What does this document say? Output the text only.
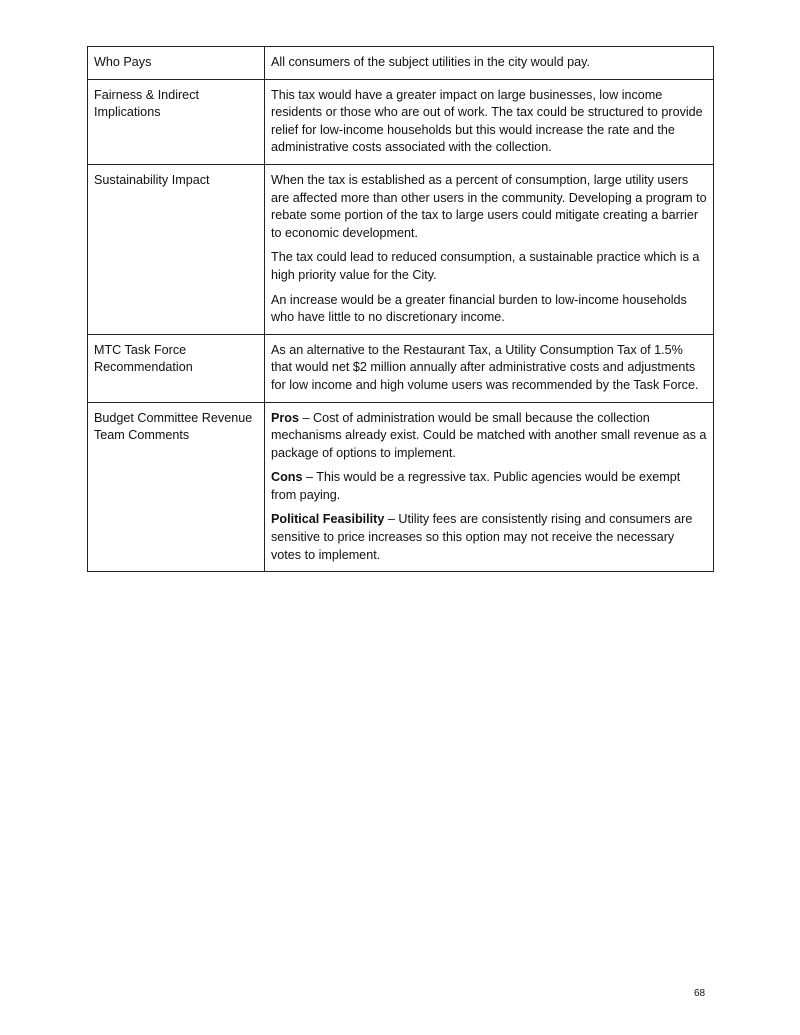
Who Pays	All consumers of the subject utilities in the city would pay.

Fairness & Indirect Implications	This tax would have a greater impact on large businesses, low income residents or those who are out of work. The tax could be structured to provide relief for low-income households but this would increase the rate and the administrative costs associated with the collection.

Sustainability Impact	When the tax is established as a percent of consumption, large utility users are affected more than other users in the community. Developing a program to rebate some portion of the tax to large users could mitigate creating a barrier to economic development.

The tax could lead to reduced consumption, a sustainable practice which is a high priority value for the City.

An increase would be a greater financial burden to low-income households who have little to no discretionary income.

MTC Task Force Recommendation	As an alternative to the Restaurant Tax, a Utility Consumption Tax of 1.5% that would net $2 million annually after administrative costs and adjustments for low income and high volume users was recommended by the Task Force.

Budget Committee Revenue Team Comments	Pros – Cost of administration would be small because the collection mechanisms already exist. Could be matched with another small revenue as a package of options to implement.

Cons – This would be a regressive tax. Public agencies would be exempt from paying.

Political Feasibility – Utility fees are consistently rising and consumers are sensitive to price increases so this option may not receive the necessary votes to implement.

68
